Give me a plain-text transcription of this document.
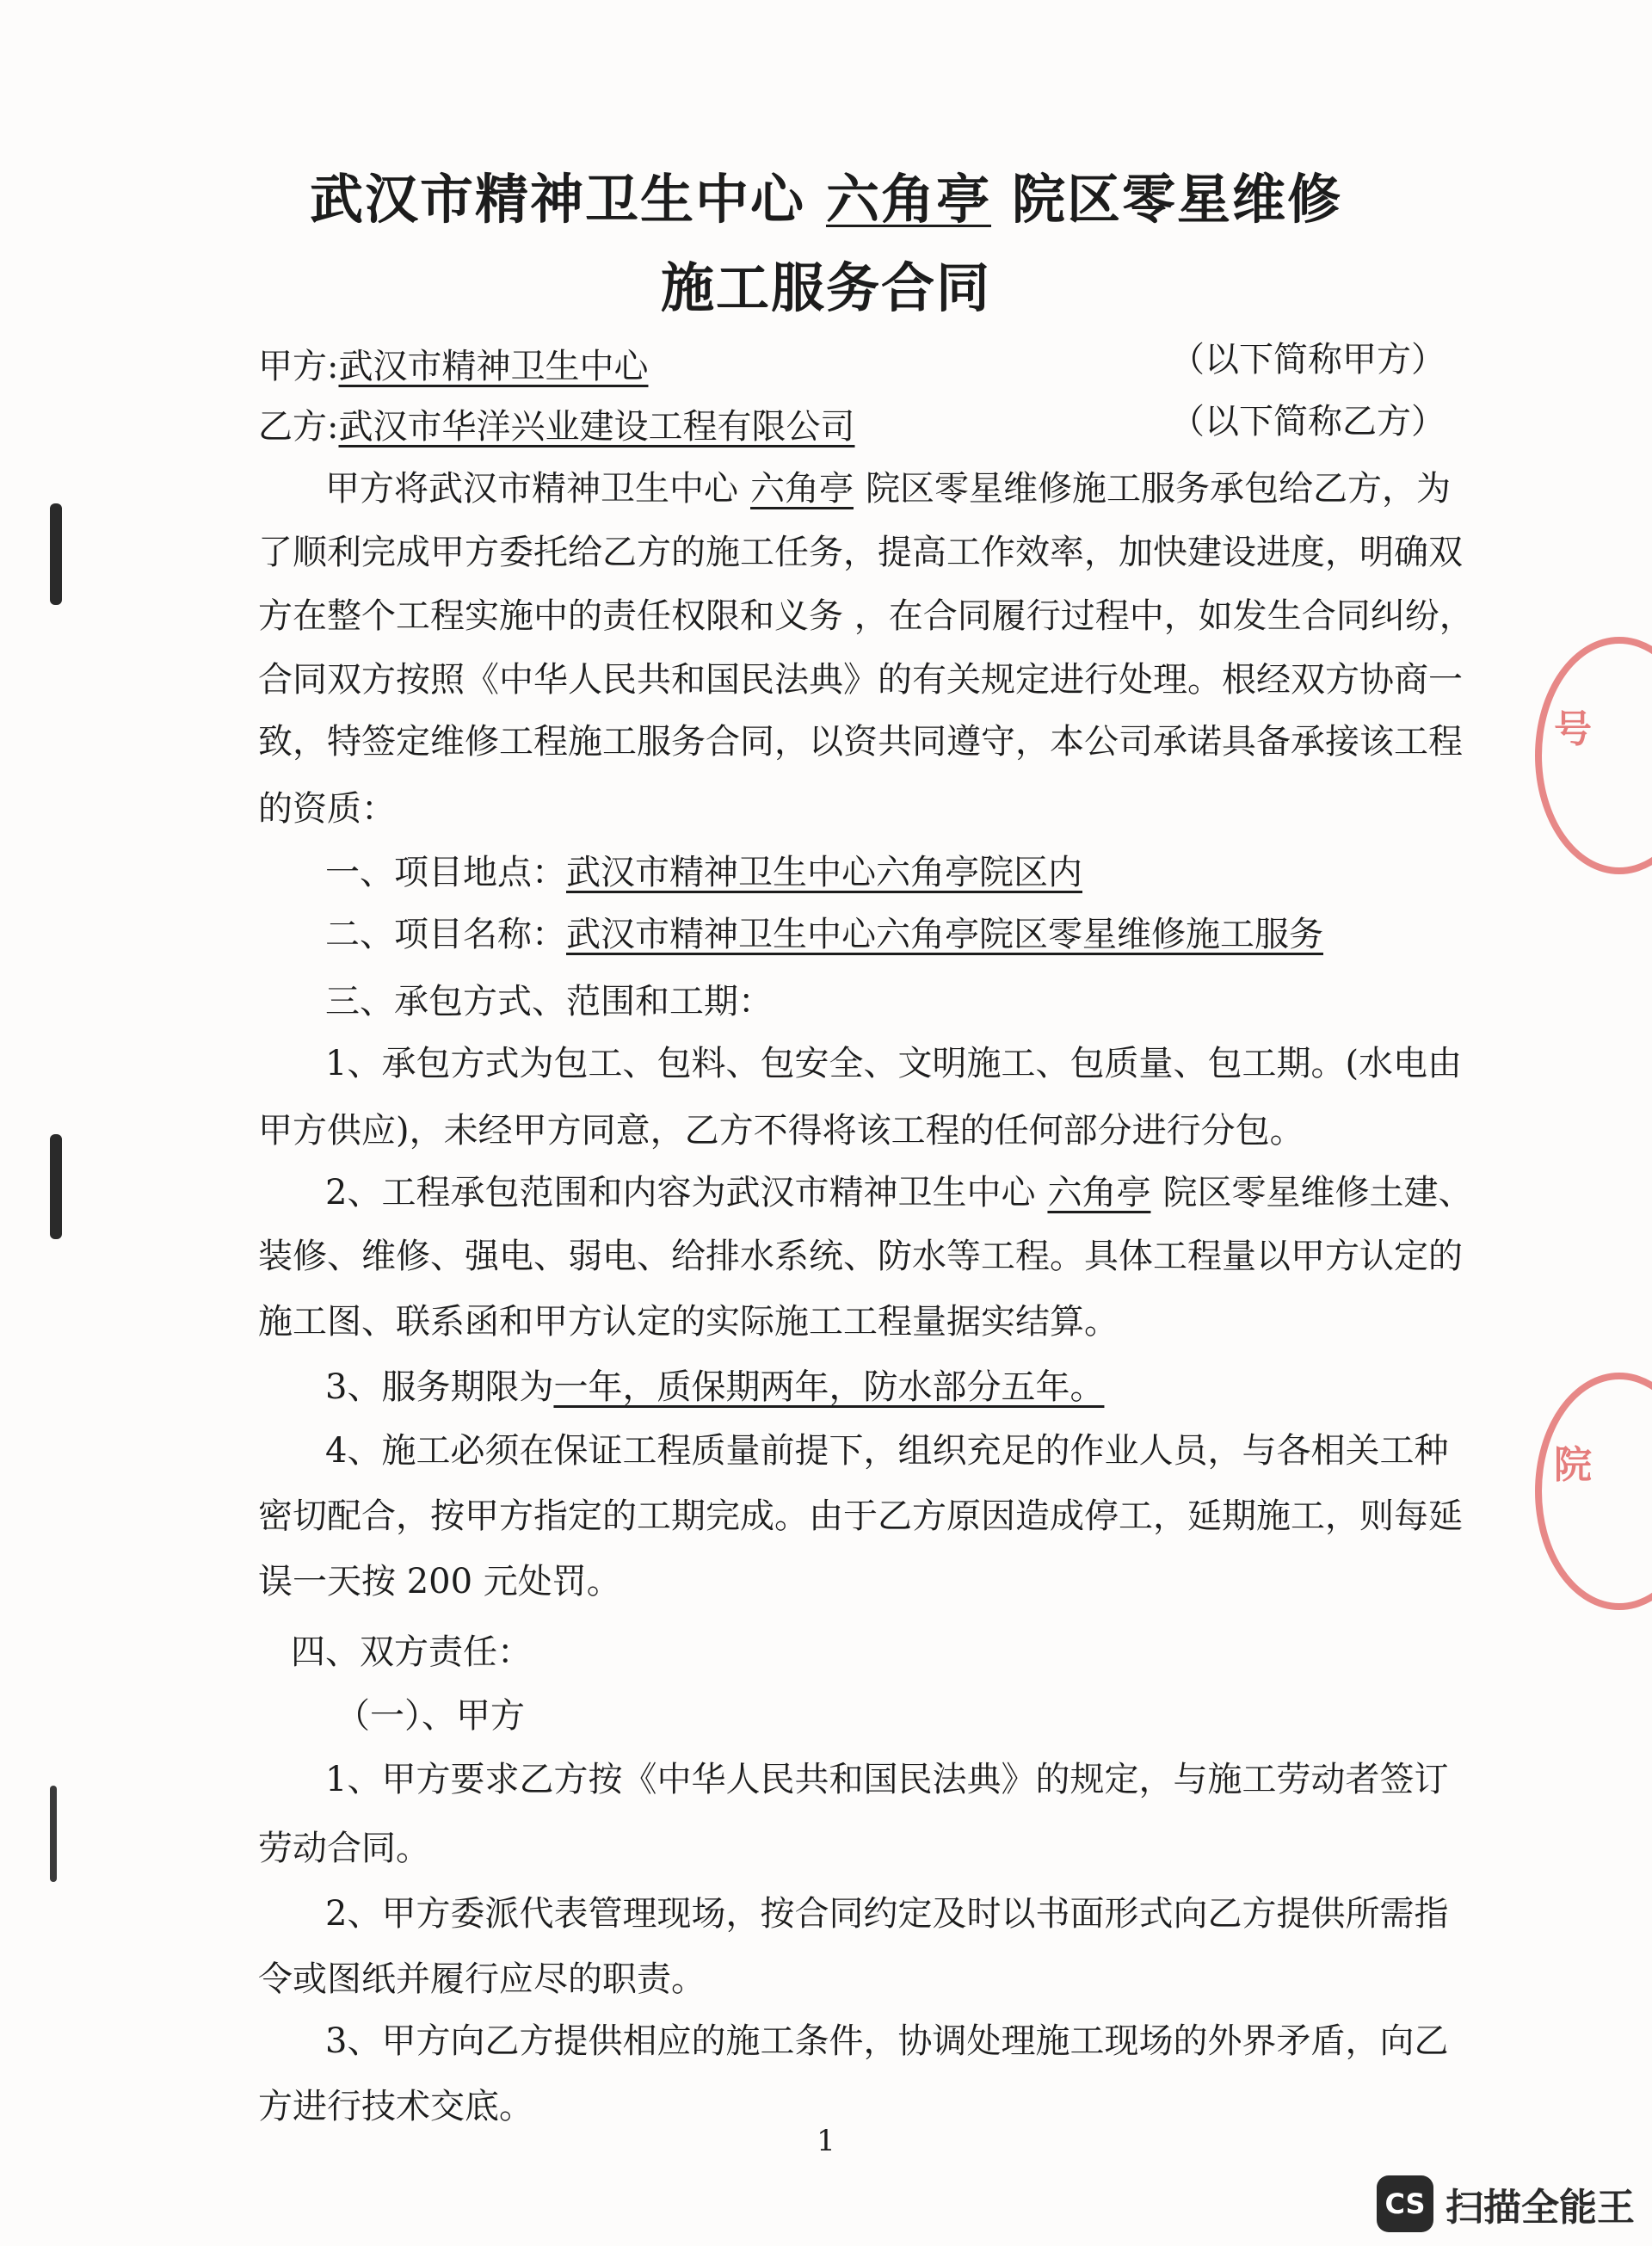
号
院
武汉市精神卫生中心 六角亭 院区零星维修
施工服务合同
甲方:武汉市精神卫生中心	（以下简称甲方）
乙方:武汉市华洋兴业建设工程有限公司	（以下简称乙方）
甲方将武汉市精神卫生中心 六角亭 院区零星维修施工服务承包给乙方，为
了顺利完成甲方委托给乙方的施工任务，提高工作效率，加快建设进度，明确双
方在整个工程实施中的责任权限和义务 ，在合同履行过程中，如发生合同纠纷，
合同双方按照《中华人民共和国民法典》的有关规定进行处理。根经双方协商一
致，特签定维修工程施工服务合同，以资共同遵守，本公司承诺具备承接该工程
的资质：
一、项目地点：武汉市精神卫生中心六角亭院区内
二、项目名称：武汉市精神卫生中心六角亭院区零星维修施工服务
三、承包方式、范围和工期：
1、承包方式为包工、包料、包安全、文明施工、包质量、包工期。(水电由
甲方供应)，未经甲方同意，乙方不得将该工程的任何部分进行分包。
2、工程承包范围和内容为武汉市精神卫生中心 六角亭 院区零星维修土建、
装修、维修、强电、弱电、给排水系统、防水等工程。具体工程量以甲方认定的
施工图、联系函和甲方认定的实际施工工程量据实结算。
3、服务期限为一年，质保期两年，防水部分五年。
4、施工必须在保证工程质量前提下，组织充足的作业人员，与各相关工种
密切配合，按甲方指定的工期完成。由于乙方原因造成停工，延期施工，则每延
误一天按 200 元处罚。
四、双方责任：
（一）、甲方
1、甲方要求乙方按《中华人民共和国民法典》的规定，与施工劳动者签订
劳动合同。
2、甲方委派代表管理现场，按合同约定及时以书面形式向乙方提供所需指
令或图纸并履行应尽的职责。
3、甲方向乙方提供相应的施工条件，协调处理施工现场的外界矛盾，向乙
方进行技术交底。
1
CS 扫描全能王
